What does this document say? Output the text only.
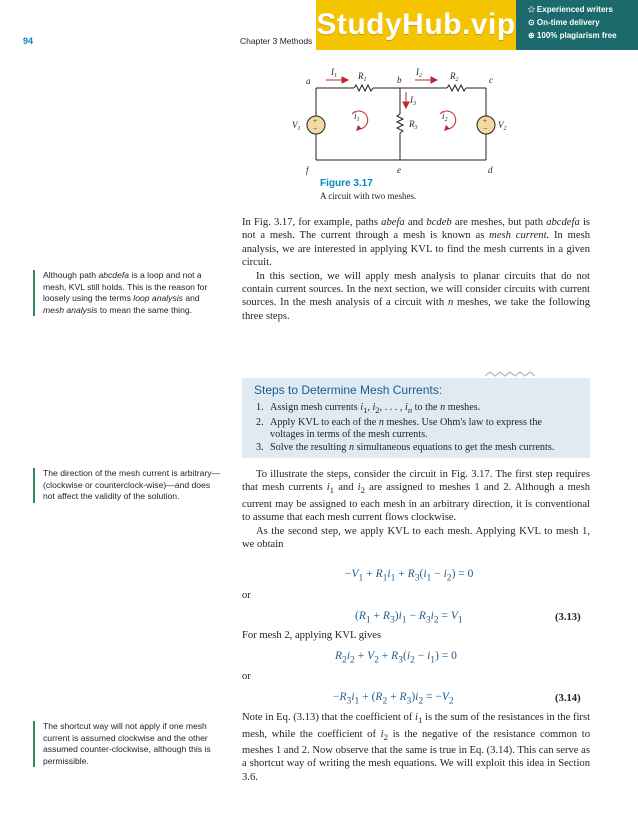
94	Chapter 3 Methods StudyHub.vip ✩ Experienced writers
⊙ On-time delivery
⊕ 100% plagiarism free
+
−
+
−
a	b	c
d
e
f
$I_1$ $R_1$
$I_2$	$R_2$
$I_3$
$R_3$
$V_1$	$V_2$
$i_1$	$i_2$
Figure 3.17
A circuit with two meshes.

In Fig. 3.17, for example, paths abefa and bcdeb are meshes, but path abcdefa is not a mesh. The current through a mesh is known as mesh current. In mesh analysis, we are interested in applying KVL to find the mesh currents in a given circuit.

In this section, we will apply mesh analysis to planar circuits that do not contain current sources. In the next section, we will consider circuits with current sources. In the mesh analysis of a circuit with n meshes, we take the following three steps.

Although path abcdefa is a loop and not a mesh, KVL still holds. This is the reason for loosely using the terms loop analysis and mesh analysis to mean the same thing.
The direction of the mesh current is arbitrary—(clockwise or counterclock-wise)—and does not affect the validity of the solution.
The shortcut way will not apply if one mesh current is assumed clockwise and the other assumed counter-clockwise, although this is permissible.
Steps to Determine Mesh Currents:
1. Assign mesh currents $i_1$, $i_2$, . . . , $i_n$ to the n meshes.
2. Apply KVL to each of the n meshes. Use Ohm's law to express the voltages in terms of the mesh currents.
3. Solve the resulting n simultaneous equations to get the mesh currents.

To illustrate the steps, consider the circuit in Fig. 3.17. The first step requires that mesh currents $i_1$ and $i_2$ are assigned to meshes 1 and 2. Although a mesh current may be assigned to each mesh in an arbitrary direction, it is conventional to assume that each mesh current flows clockwise.

As the second step, we apply KVL to each mesh. Applying KVL to mesh 1, we obtain

$-V_1 + R_1i_1 + R_3(i_1 - i_2) = 0$
or
$(R_1 + R_3)i_1 - R_3i_2 = V_1$	(3.13)
For mesh 2, applying KVL gives
$R_2i_2 + V_2 + R_3(i_2 - i_1) = 0$
or
$-R_3i_1 + (R_2 + R_3)i_2 = -V_2$	(3.14)

Note in Eq. (3.13) that the coefficient of $i_1$ is the sum of the resistances in the first mesh, while the coefficient of $i_2$ is the negative of the resistance common to meshes 1 and 2. Now observe that the same is true in Eq. (3.14). This can serve as a shortcut way of writing the mesh equations. We will exploit this idea in Section 3.6.
